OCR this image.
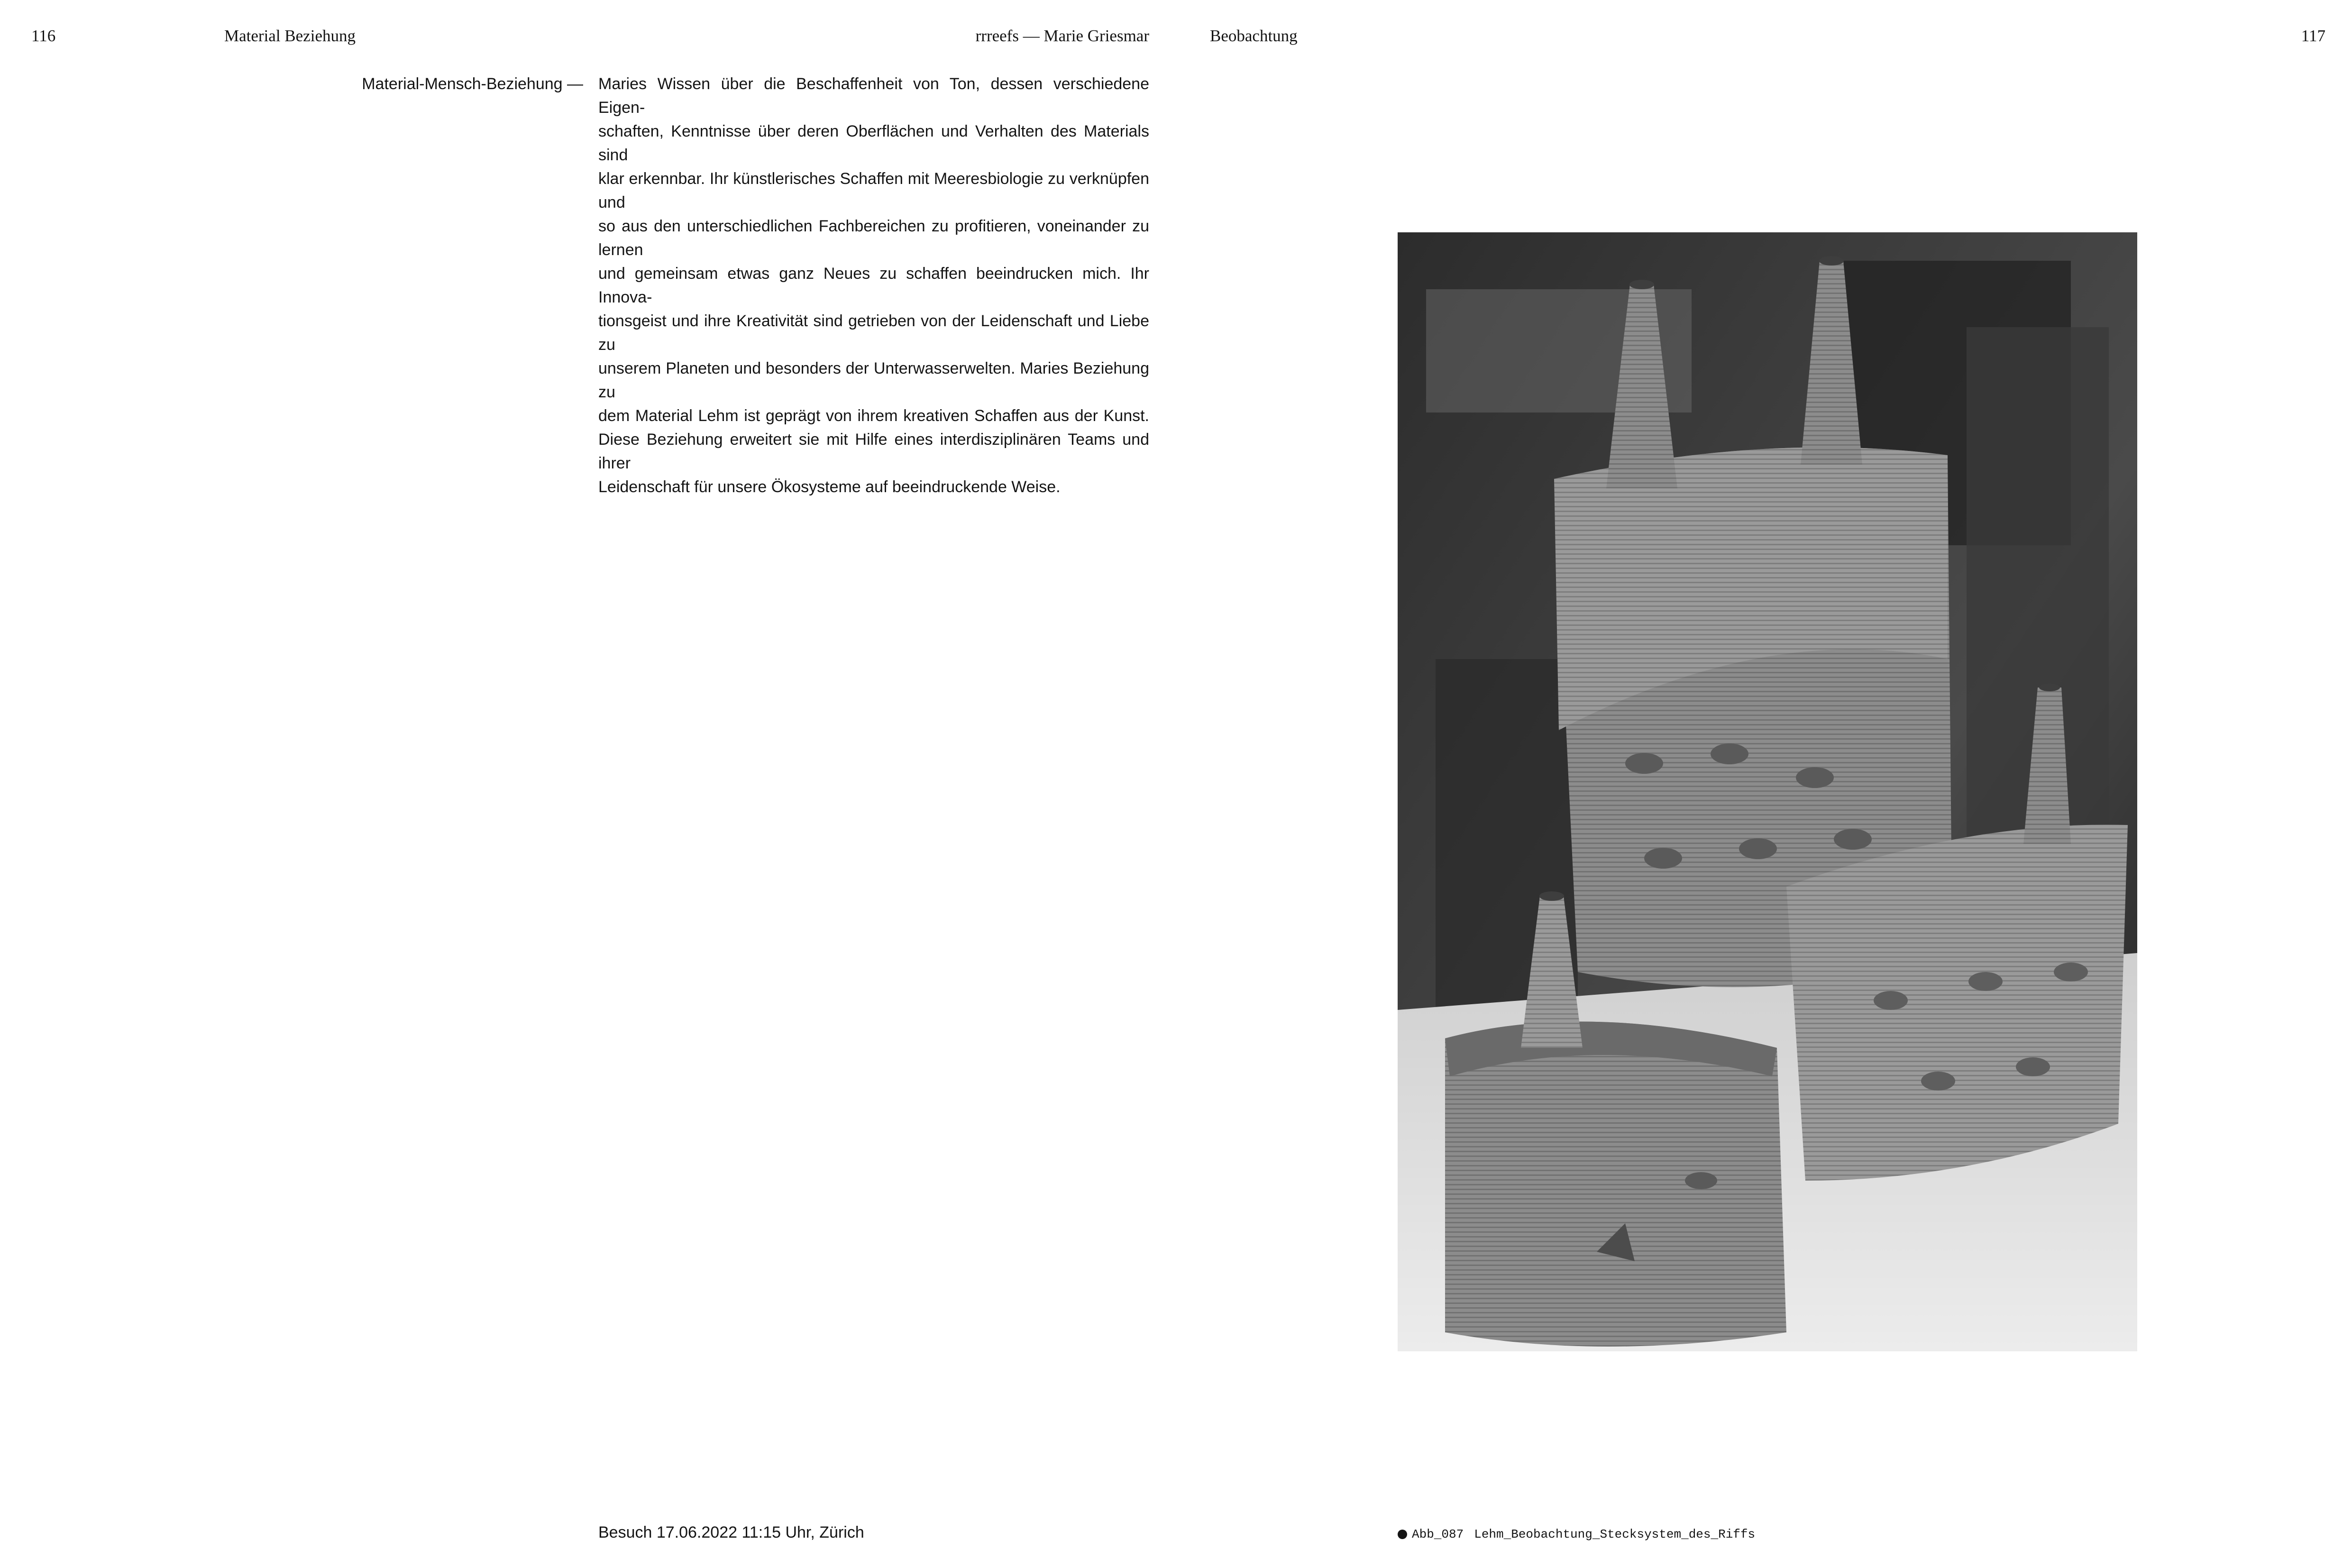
116	Material Beziehung	rrreefs — Marie Griesmar
Material-Mensch-Beziehung — Maries Wissen über die Beschaffenheit von Ton, dessen verschiedene Eigen-

schaften, Kenntnisse über deren Oberflächen und Verhalten des Materials sind

klar erkennbar. Ihr künstlerisches Schaffen mit Meeresbiologie zu verknüpfen und

so aus den unterschiedlichen Fachbereichen zu profitieren, voneinander zu lernen

und gemeinsam etwas ganz Neues zu schaffen beeindrucken mich. Ihr Innova-

tionsgeist und ihre Kreativität sind getrieben von der Leidenschaft und Liebe zu

unserem Planeten und besonders der Unterwasserwelten. Maries Beziehung zu

dem Material Lehm ist geprägt von ihrem kreativen Schaffen aus der Kunst.

Diese Beziehung erweitert sie mit Hilfe eines interdisziplinären Teams und ihrer

Leidenschaft für unsere Ökosysteme auf beeindruckende Weise.

Besuch 17.06.2022 11:15 Uhr, Zürich
Beobachtung	117
Abb_087 Lehm_Beobachtung_Stecksystem_des_Riffs
